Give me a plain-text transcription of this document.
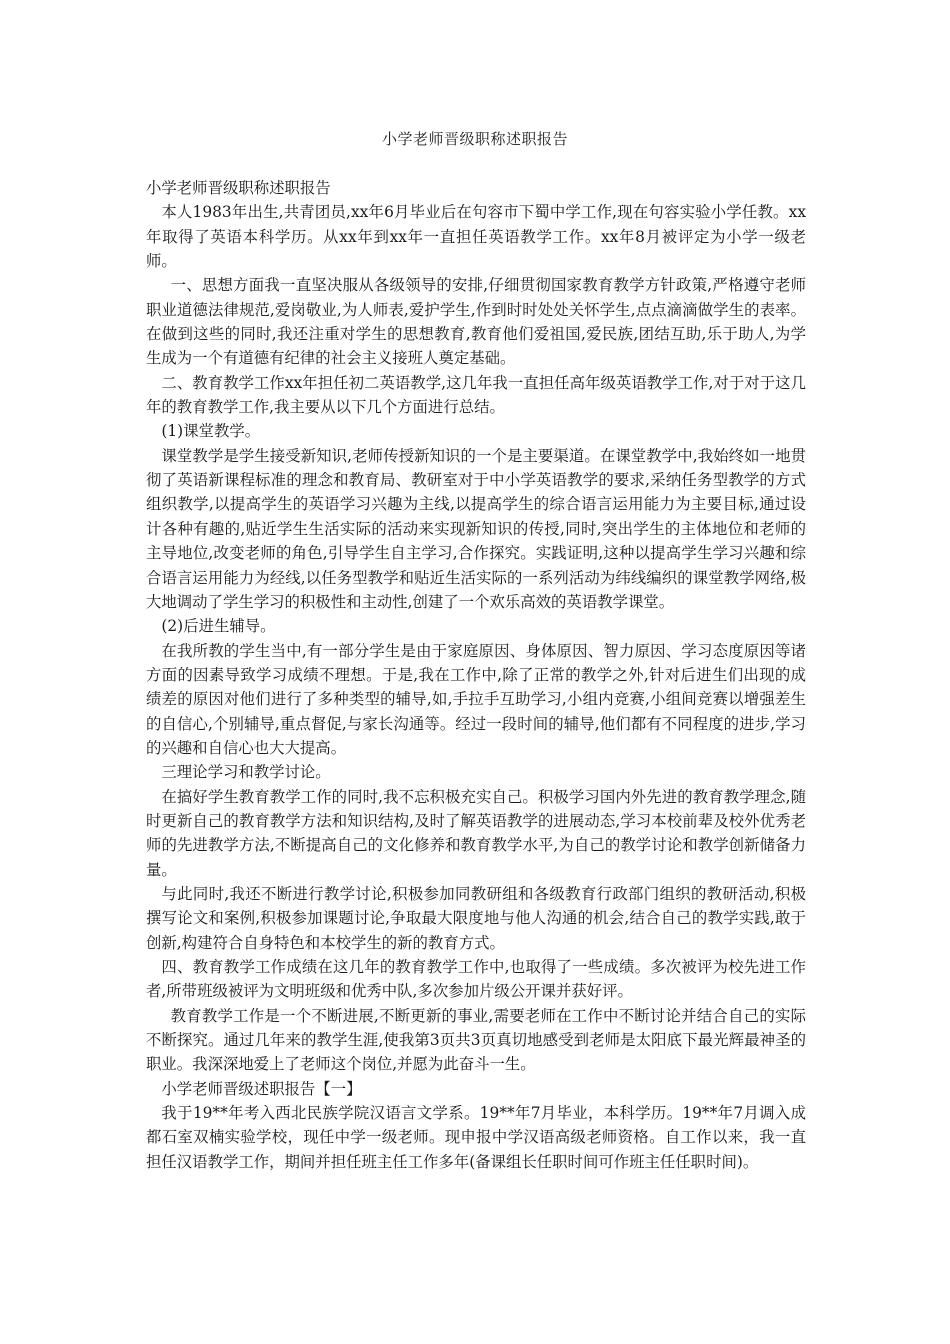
小学老师晋级职称述职报告

小学老师晋级职称述职报告

本人1983年出生,共青团员,xx年6月毕业后在句容市下蜀中学工作,现在句容实验小学任教。xx年取得了英语本科学历。从xx年到xx年一直担任英语教学工作。xx年8月被评定为小学一级老师。

一、思想方面我一直坚决服从各级领导的安排,仔细贯彻国家教育教学方针政策,严格遵守老师职业道德法律规范,爱岗敬业,为人师表,爱护学生,作到时时处处关怀学生,点点滴滴做学生的表率。在做到这些的同时,我还注重对学生的思想教育,教育他们爱祖国,爱民族,团结互助,乐于助人,为学生成为一个有道德有纪律的社会主义接班人奠定基础。

二、教育教学工作xx年担任初二英语教学,这几年我一直担任高年级英语教学工作,对于对于这几年的教育教学工作,我主要从以下几个方面进行总结。

(1)课堂教学。

课堂教学是学生接受新知识,老师传授新知识的一个是主要渠道。在课堂教学中,我始终如一地贯彻了英语新课程标准的理念和教育局、教研室对于中小学英语教学的要求,采纳任务型教学的方式组织教学,以提高学生的英语学习兴趣为主线,以提高学生的综合语言运用能力为主要目标,通过设计各种有趣的,贴近学生生活实际的活动来实现新知识的传授,同时,突出学生的主体地位和老师的主导地位,改变老师的角色,引导学生自主学习,合作探究。实践证明,这种以提高学生学习兴趣和综合语言运用能力为经线,以任务型教学和贴近生活实际的一系列活动为纬线编织的课堂教学网络,极大地调动了学生学习的积极性和主动性,创建了一个欢乐高效的英语教学课堂。

(2)后进生辅导。

在我所教的学生当中,有一部分学生是由于家庭原因、身体原因、智力原因、学习态度原因等诸方面的因素导致学习成绩不理想。于是,我在工作中,除了正常的教学之外,针对后进生们出现的成绩差的原因对他们进行了多种类型的辅导,如,手拉手互助学习,小组内竞赛,小组间竞赛以增强差生的自信心,个别辅导,重点督促,与家长沟通等。经过一段时间的辅导,他们都有不同程度的进步,学习的兴趣和自信心也大大提高。

三理论学习和教学讨论。

在搞好学生教育教学工作的同时,我不忘积极充实自己。积极学习国内外先进的教育教学理念,随时更新自己的教育教学方法和知识结构,及时了解英语教学的进展动态,学习本校前辈及校外优秀老师的先进教学方法,不断提高自己的文化修养和教育教学水平,为自己的教学讨论和教学创新储备力量。

与此同时,我还不断进行教学讨论,积极参加同教研组和各级教育行政部门组织的教研活动,积极撰写论文和案例,积极参加课题讨论,争取最大限度地与他人沟通的机会,结合自己的教学实践,敢于创新,构建符合自身特色和本校学生的新的教育方式。

四、教育教学工作成绩在这几年的教育教学工作中,也取得了一些成绩。多次被评为校先进工作者,所带班级被评为文明班级和优秀中队,多次参加片级公开课并获好评。

教育教学工作是一个不断进展,不断更新的事业,需要老师在工作中不断讨论并结合自己的实际不断探究。通过几年来的教学生涯,使我第3页共3页真切地感受到老师是太阳底下最光辉最神圣的职业。我深深地爱上了老师这个岗位,并愿为此奋斗一生。

小学老师晋级述职报告【一】

我于19**年考入西北民族学院汉语言文学系。19**年7月毕业，本科学历。19**年7月调入成都石室双楠实验学校，现任中学一级老师。现申报中学汉语高级老师资格。自工作以来，我一直担任汉语教学工作，期间并担任班主任工作多年(备课组长任职时间可作班主任任职时间)。
